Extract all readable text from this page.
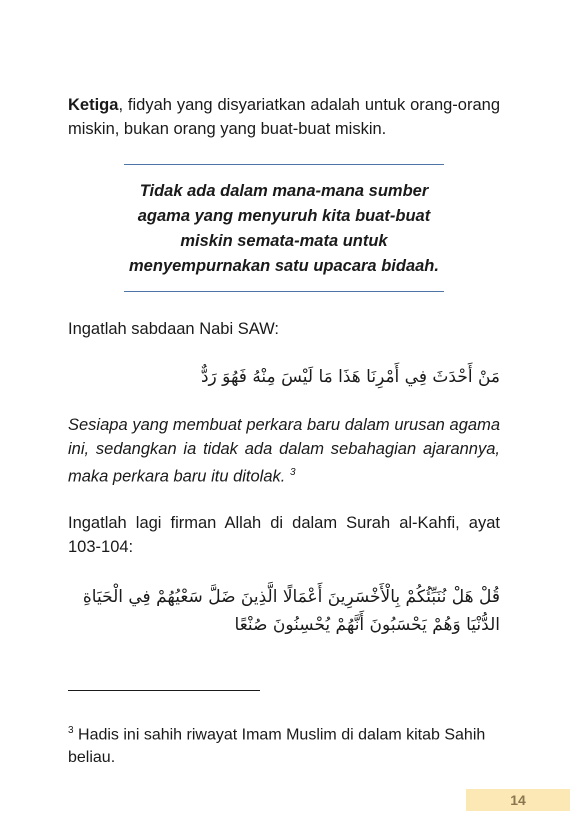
Ketiga, fidyah yang disyariatkan adalah untuk orang-orang miskin, bukan orang yang buat-buat miskin.

Tidak ada dalam mana-mana sumber
agama yang menyuruh kita buat-buat
miskin semata-mata untuk
menyempurnakan satu upacara bidaah.

Ingatlah sabdaan Nabi SAW:

مَنْ أَحْدَثَ فِي أَمْرِنَا هَذَا مَا لَيْسَ مِنْهُ فَهُوَ رَدٌّ

Sesiapa yang membuat perkara baru dalam urusan agama ini, sedangkan ia tidak ada dalam sebahagian ajarannya, maka perkara baru itu ditolak. $^3$

Ingatlah lagi firman Allah di dalam Surah al-Kahfi, ayat 103-104:

قُلْ هَلْ نُنَبِّئُكُمْ بِالْأَخْسَرِينَ أَعْمَالًا الَّذِينَ ضَلَّ سَعْيُهُمْ فِي الْحَيَاةِ الدُّنْيَا وَهُمْ يَحْسَبُونَ أَنَّهُمْ يُحْسِنُونَ صُنْعًا
$^3$ Hadis ini sahih riwayat Imam Muslim di dalam kitab Sahih beliau.
14
